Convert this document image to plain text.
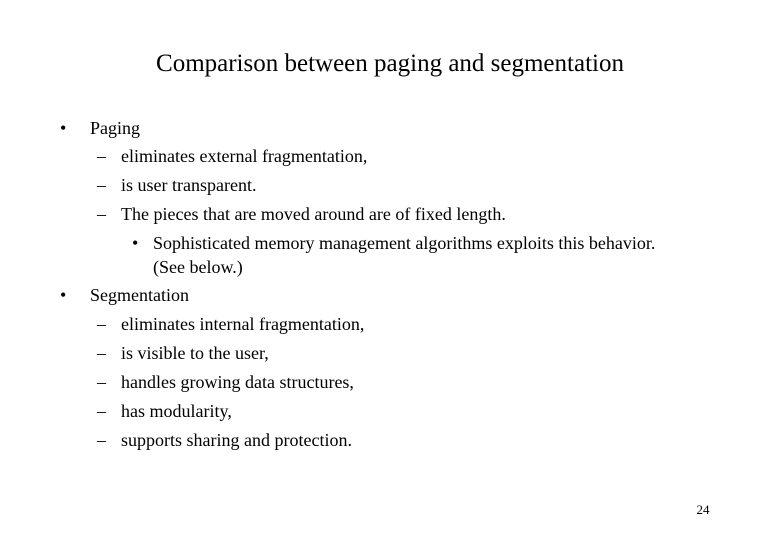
Comparison between paging and segmentation
• Paging
– eliminates external fragmentation,
– is user transparent.
– The pieces that are moved around are of fixed length.
• Sophisticated memory management algorithms exploits this behavior.
(See below.)
• Segmentation
– eliminates internal fragmentation,
– is visible to the user,
– handles growing data structures,
– has modularity,
– supports sharing and protection.
24
